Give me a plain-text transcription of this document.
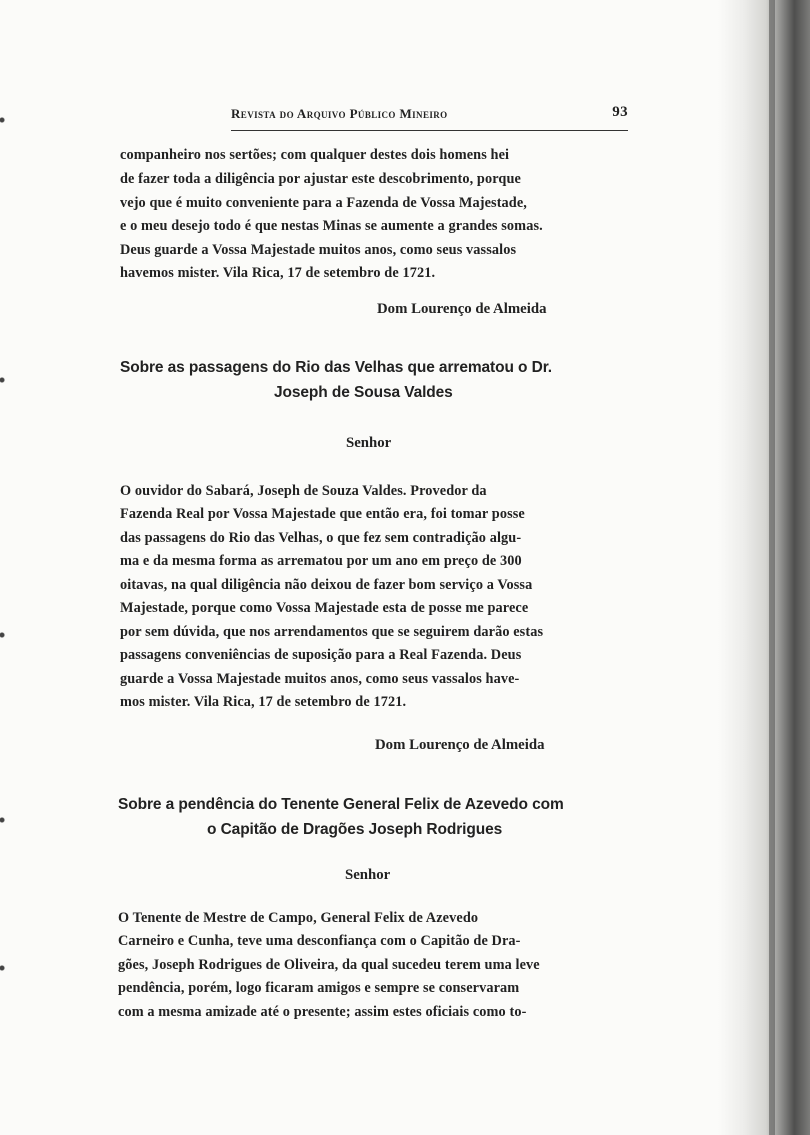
Revista do Arquivo Público Mineiro	93
companheiro nos sertões; com qualquer destes dois homens hei
de fazer toda a diligência por ajustar este descobrimento, porque
vejo que é muito conveniente para a Fazenda de Vossa Majestade,
e o meu desejo todo é que nestas Minas se aumente a grandes somas.
Deus guarde a Vossa Majestade muitos anos, como seus vassalos
havemos mister. Vila Rica, 17 de setembro de 1721.
Dom Lourenço de Almeida
Sobre as passagens do Rio das Velhas que arrematou o Dr.
Joseph de Sousa Valdes
Senhor
O ouvidor do Sabará, Joseph de Souza Valdes. Provedor da
Fazenda Real por Vossa Majestade que então era, foi tomar posse
das passagens do Rio das Velhas, o que fez sem contradição algu-
ma e da mesma forma as arrematou por um ano em preço de 300
oitavas, na qual diligência não deixou de fazer bom serviço a Vossa
Majestade, porque como Vossa Majestade esta de posse me parece
por sem dúvida, que nos arrendamentos que se seguirem darão estas
passagens conveniências de suposição para a Real Fazenda. Deus
guarde a Vossa Majestade muitos anos, como seus vassalos have-
mos mister. Vila Rica, 17 de setembro de 1721.
Dom Lourenço de Almeida
Sobre a pendência do Tenente General Felix de Azevedo com
o Capitão de Dragões Joseph Rodrigues
Senhor
O Tenente de Mestre de Campo, General Felix de Azevedo
Carneiro e Cunha, teve uma desconfiança com o Capitão de Dra-
gões, Joseph Rodrigues de Oliveira, da qual sucedeu terem uma leve
pendência, porém, logo ficaram amigos e sempre se conservaram
com a mesma amizade até o presente; assim estes oficiais como to-
